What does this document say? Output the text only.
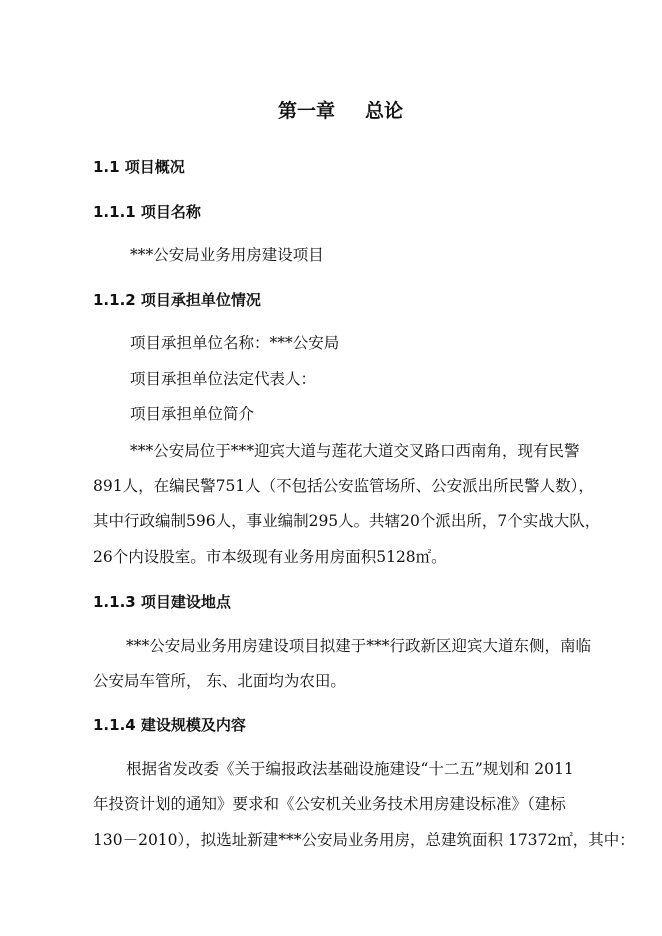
第一章 总论
1.1 项目概况
1.1.1 项目名称
***公安局业务用房建设项目
1.1.2 项目承担单位情况
项目承担单位名称：***公安局
项目承担单位法定代表人：
项目承担单位简介
***公安局位于***迎宾大道与莲花大道交叉路口西南角，现有民警
891人，在编民警751人（不包括公安监管场所、公安派出所民警人数），
其中行政编制596人，事业编制295人。共辖20个派出所，7个实战大队，
26个内设股室。市本级现有业务用房面积5128㎡。
1.1.3 项目建设地点
***公安局业务用房建设项目拟建于***行政新区迎宾大道东侧，南临
公安局车管所， 东、北面均为农田。
1.1.4 建设规模及内容
根据省发改委《关于编报政法基础设施建设“十二五”规划和 2011
年投资计划的通知》要求和《公安机关业务技术用房建设标准》（建标
130－2010），拟选址新建***公安局业务用房，总建筑面积 17372㎡，其中：
